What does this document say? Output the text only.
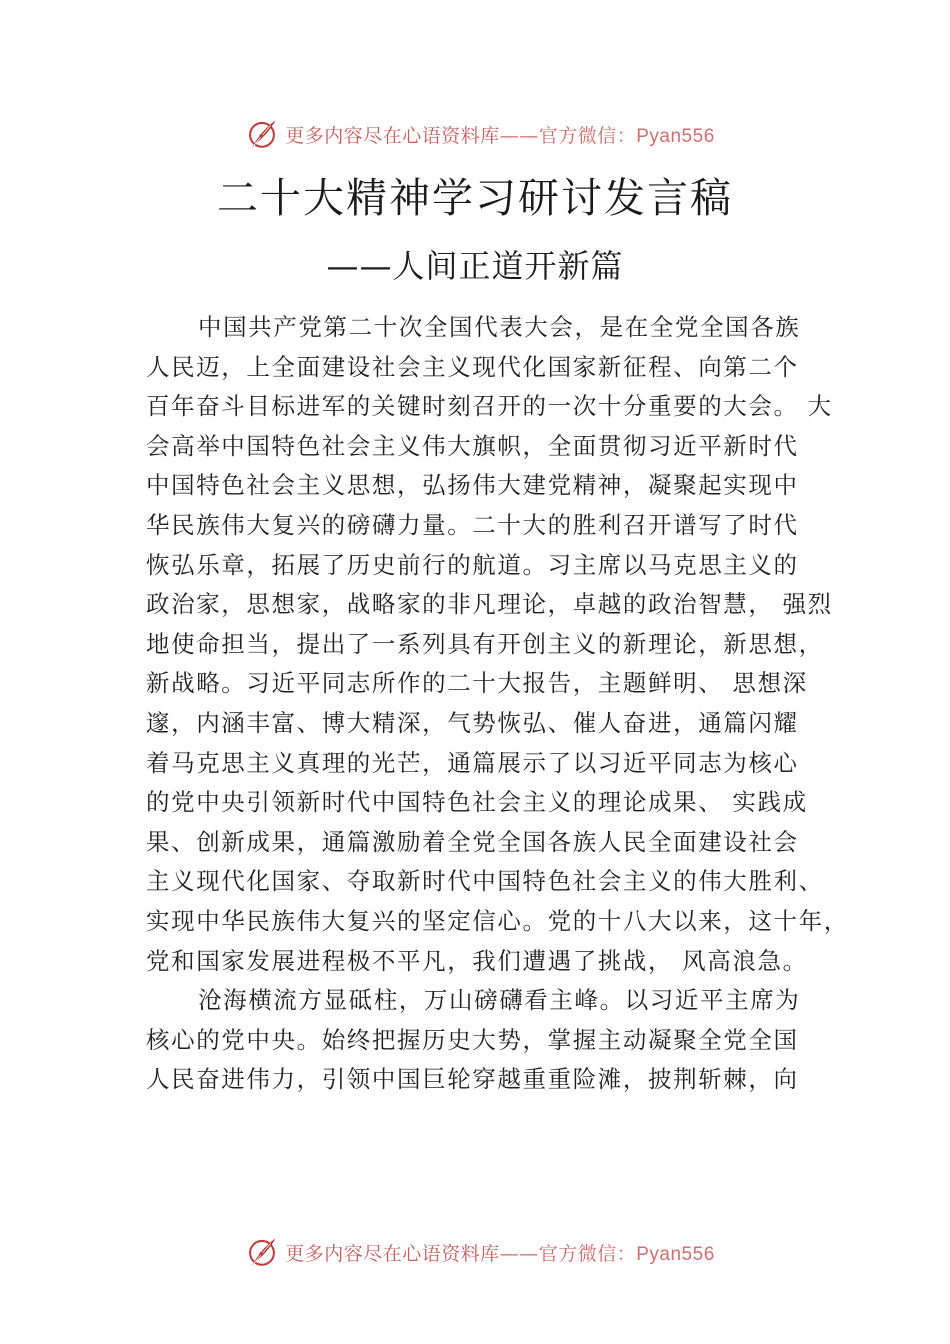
更多内容尽在心语资料库——官方微信：Pyan556
二十大精神学习研讨发言稿
——人间正道开新篇
中国共产党第二十次全国代表大会，是在全党全国各族
人民迈，上全面建设社会主义现代化国家新征程、向第二个
百年奋斗目标进军的关键时刻召开的一次十分重要的大会。 大
会高举中国特色社会主义伟大旗帜，全面贯彻习近平新时代
中国特色社会主义思想，弘扬伟大建党精神，凝聚起实现中
华民族伟大复兴的磅礴力量。二十大的胜利召开谱写了时代
恢弘乐章，拓展了历史前行的航道。习主席以马克思主义的
政治家，思想家，战略家的非凡理论，卓越的政治智慧， 强烈
地使命担当，提出了一系列具有开创主义的新理论，新思想，
新战略。习近平同志所作的二十大报告，主题鲜明、 思想深
邃，内涵丰富、博大精深，气势恢弘、催人奋进，通篇闪耀
着马克思主义真理的光芒，通篇展示了以习近平同志为核心
的党中央引领新时代中国特色社会主义的理论成果、 实践成
果、创新成果，通篇激励着全党全国各族人民全面建设社会
主义现代化国家、夺取新时代中国特色社会主义的伟大胜利、
实现中华民族伟大复兴的坚定信心。党的十八大以来，这十年，
党和国家发展进程极不平凡，我们遭遇了挑战， 风高浪急。
沧海横流方显砥柱，万山磅礴看主峰。以习近平主席为
核心的党中央。始终把握历史大势，掌握主动凝聚全党全国
人民奋进伟力，引领中国巨轮穿越重重险滩，披荆斩棘，向
更多内容尽在心语资料库——官方微信：Pyan556
